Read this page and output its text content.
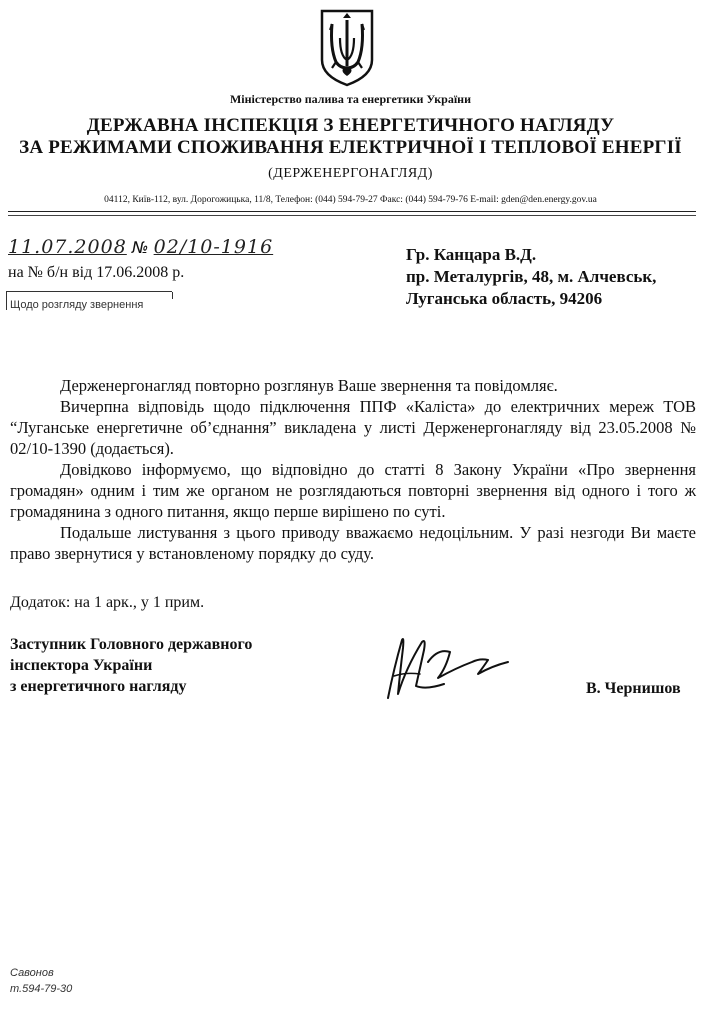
Міністерство палива та енергетики України
ДЕРЖАВНА ІНСПЕКЦІЯ З ЕНЕРГЕТИЧНОГО НАГЛЯДУ
ЗА РЕЖИМАМИ СПОЖИВАННЯ ЕЛЕКТРИЧНОЇ І ТЕПЛОВОЇ ЕНЕРГІЇ
(ДЕРЖЕНЕРГОНАГЛЯД)
04112, Київ-112, вул. Дорогожицька, 11/8, Телефон: (044) 594-79-27 Факс: (044) 594-79-76 E-mail: gden@den.energy.gov.ua
11.07.2008 № 02/10-1916
на № б/н від 17.06.2008 р.
Щодо розгляду звернення
Гр. Канцара В.Д.
пр. Металургів, 48, м. Алчевськ,
Луганська область, 94206

Держенергонагляд повторно розглянув Ваше звернення та повідомляє.

Вичерпна відповідь щодо підключення ППФ «Каліста» до електричних мереж ТОВ “Луганське енергетичне об’єднання” викладена у листі Держенергонагляду від 23.05.2008 № 02/10-1390 (додається).

Довідково інформуємо, що відповідно до статті 8 Закону України «Про звернення громадян» одним і тим же органом не розглядаються повторні звернення від одного і того ж громадянина з одного питання, якщо перше вирішено по суті.

Подальше листування з цього приводу вважаємо недоцільним. У разі незгоди Ви маєте право звернутися у встановленому порядку до суду.

Додаток: на 1 арк., у 1 прим.
Заступник Головного державного
інспектора України
з енергетичного нагляду	В. Чернишов
Савонов
т.594-79-30
